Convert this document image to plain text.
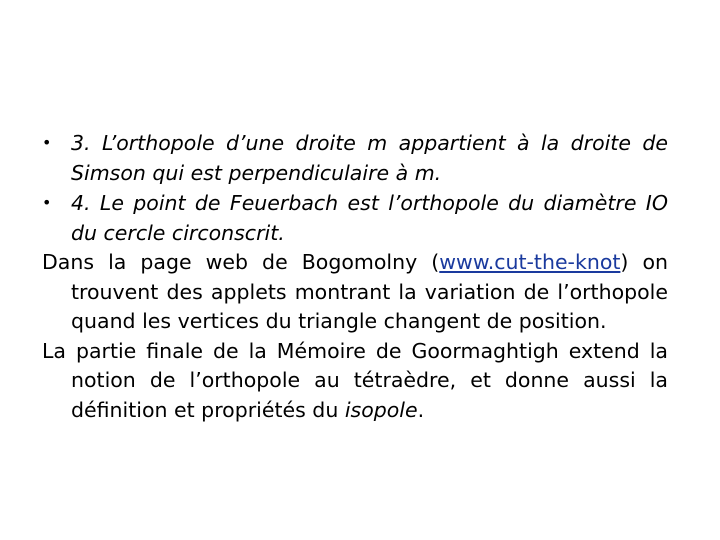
• 3. L’orthopole d’une droite m appartient à la droite de Simson qui est perpendiculaire à m.

• 4. Le point de Feuerbach est l’orthopole du diamètre IO du cercle circonscrit.

Dans la page web de Bogomolny (www.cut-the-knot) on trouvent des applets montrant la variation de l’orthopole quand les vertices du triangle changent de position.

La partie finale de la Mémoire de Goormaghtigh extend la notion de l’orthopole au tétraèdre, et donne aussi la définition et propriétés du isopole.
